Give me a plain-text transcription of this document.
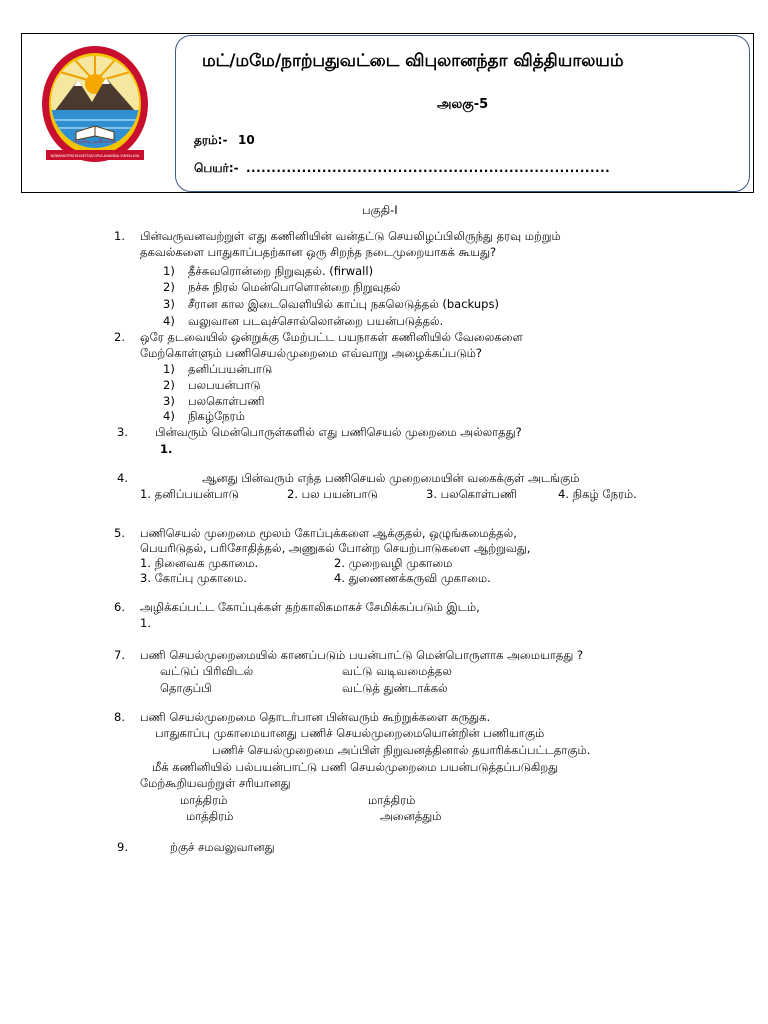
தெளிவு ஒளிர்கவே
B/NM/NATPATHUVATTAI/VIPULANANDA VIDYALAYA
மட்/மமே/நாற்பதுவட்டை விபுலானந்தா வித்தியாலயம்
அலகு-5
தரம்:- 10
பெயர்:- ........................................................................
பகுதி-I
1. பின்வருவனவற்றுள் எது கணினியின் வன்தட்டு செயலிழப்பிலிருந்து தரவு மற்றும்
தகவல்களை பாதுகாப்பதற்கான ஒரு சிறந்த நடைமுறையாகக் கூயது?
1) தீச்சுவரொன்றை நிறுவுதல். (firwall)
2) நச்சு நிரல் மென்பொளொன்றை நிறுவுதல்
3) சீரான கால இடைவெளியில் காப்பு நகலெடுத்தல் (backups)
4) வலுவான படவுச்சொல்லொன்றை பயன்படுத்தல்.
2. ஒரே தடவையில் ஒன்றுக்கு மேற்பட்ட பயநாகள் கணினியில் வேலைகளை
மேற்கொள்ளும் பணிசெயல்முறைமை எவ்வாறு அழைக்கப்படும்?
1) தனிப்பயன்பாடு
2) பலபயன்பாடு
3) பலகொள்பணி
4) நிகழ்நேரம்
3. பின்வரும் மென்பொருள்களில் எது பணிசெயல் முறைமை அல்லாதது?
1.
4.	ஆனது பின்வரும் எந்த பணிசெயல் முறைமையின் வகைக்குள் அடங்கும்
1. தனிப்பயன்பாடு	2. பல பயன்பாடு	3. பலகொள்பணி	4. நிகழ் நேரம்.
5. பணிசெயல் முறைமை மூலம் கோப்புக்களை ஆக்குதல், ஒழுங்கமைத்தல்,
பெயரிடுதல், பரிசோதித்தல், அணுகல் போன்ற செயற்பாடுகளை ஆற்றுவது,
1. நினைவக முகாமை.	2. முறைவழி முகாமை
3. கோப்பு முகாமை.	4. துணைணக்கருவி முகாமை.
6. அழிக்கப்பட்ட கோப்புக்கள் தற்காலிகமாகச் சேமிக்கப்படும் இடம்,
1.
7. பணி செயல்முறைமையில் காணப்படும் பயன்பாட்டு மென்பொருளாக அமையாதது ?
வட்டுப் பிரிவிடல்	வட்டு வடிவமைத்தல
தொகுப்பி	வட்டுத் துண்டாக்கல்
8. பணி செயல்முறைமை தொடர்பான பின்வரும் கூற்றுக்களை கருதுக.
பாதுகாப்பு முகாமையானது பணிச் செயல்முறைமையொன்றின் பணியாகும்
பணிச் செயல்முறைமை அப்பிள் நிறுவனத்தினால் தயாரிக்கப்பட்டதாகும்.
மீக் கணினியில் பல்பயன்பாட்டு பணி செயல்முறைமை பயன்படுத்தப்படுகிறது
மேற்கூறியவற்றுள் சரியானது
மாத்திரம்	மாத்திரம்
மாத்திரம்	அனைத்தும்
9.	ற்குச் சமவலுவானது
